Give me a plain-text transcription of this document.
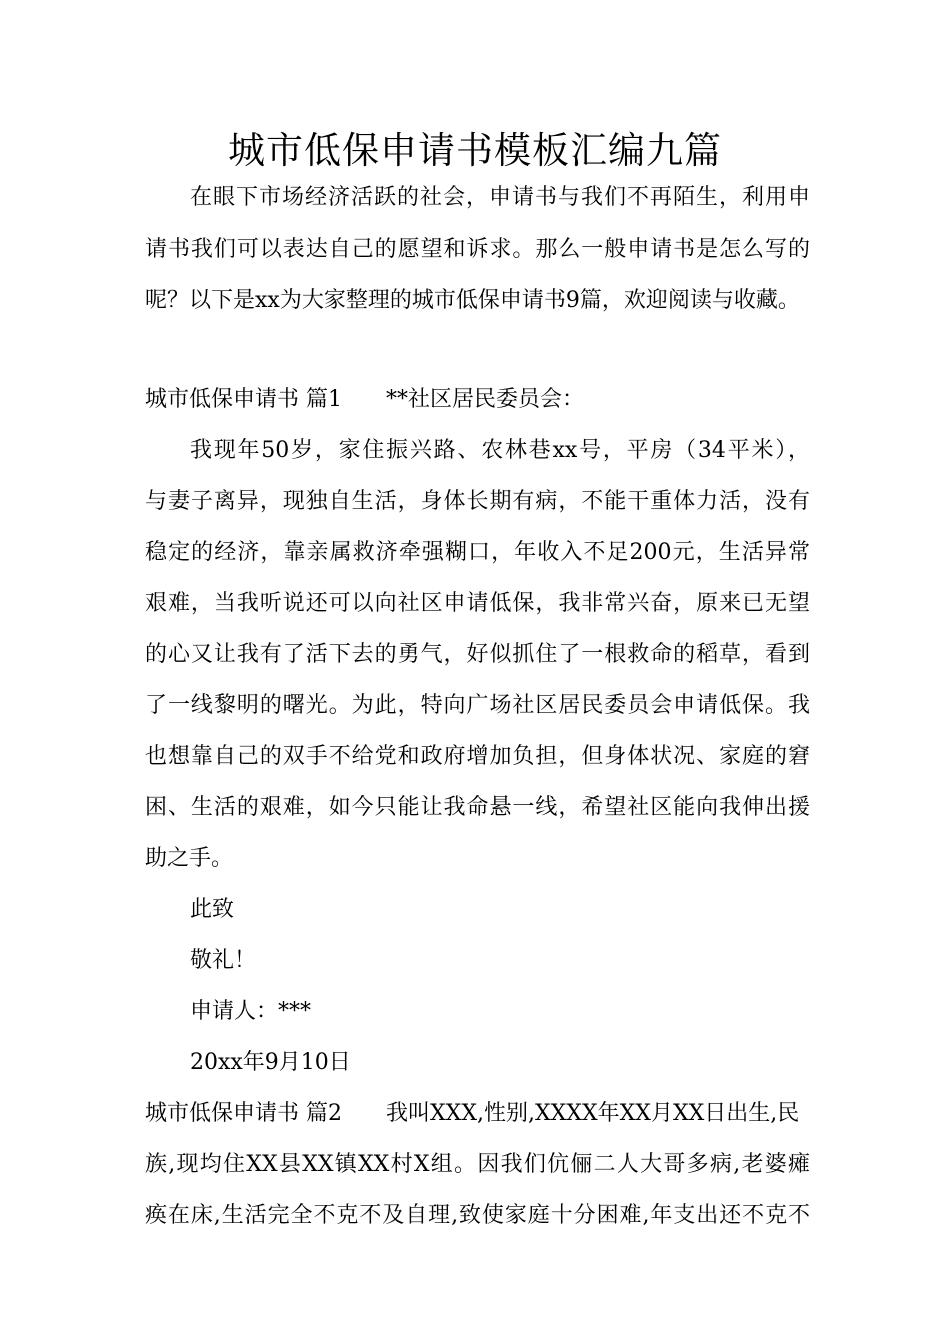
城市低保申请书模板汇编九篇
在眼下市场经济活跃的社会，申请书与我们不再陌生，利用申
请书我们可以表达自己的愿望和诉求。那么一般申请书是怎么写的
呢？以下是xx为大家整理的城市低保申请书9篇，欢迎阅读与收藏。
城市低保申请书 篇1 **社区居民委员会：
我现年50岁，家住振兴路、农林巷xx号，平房（34平米），
与妻子离异，现独自生活，身体长期有病，不能干重体力活，没有
稳定的经济，靠亲属救济牵强糊口，年收入不足200元，生活异常
艰难，当我听说还可以向社区申请低保，我非常兴奋，原来已无望
的心又让我有了活下去的勇气，好似抓住了一根救命的稻草，看到
了一线黎明的曙光。为此，特向广场社区居民委员会申请低保。我
也想靠自己的双手不给党和政府增加负担，但身体状况、家庭的窘
困、生活的艰难，如今只能让我命悬一线，希望社区能向我伸出援
助之手。
此致
敬礼！
申请人：***
20xx年9月10日
城市低保申请书 篇2 我叫XXX,性别,XXXX年XX月XX日出生,民
族,现均住XX县XX镇XX村X组。因我们伉俪二人大哥多病,老婆瘫
痪在床,生活完全不克不及自理,致使家庭十分困难,年支出还不克不
